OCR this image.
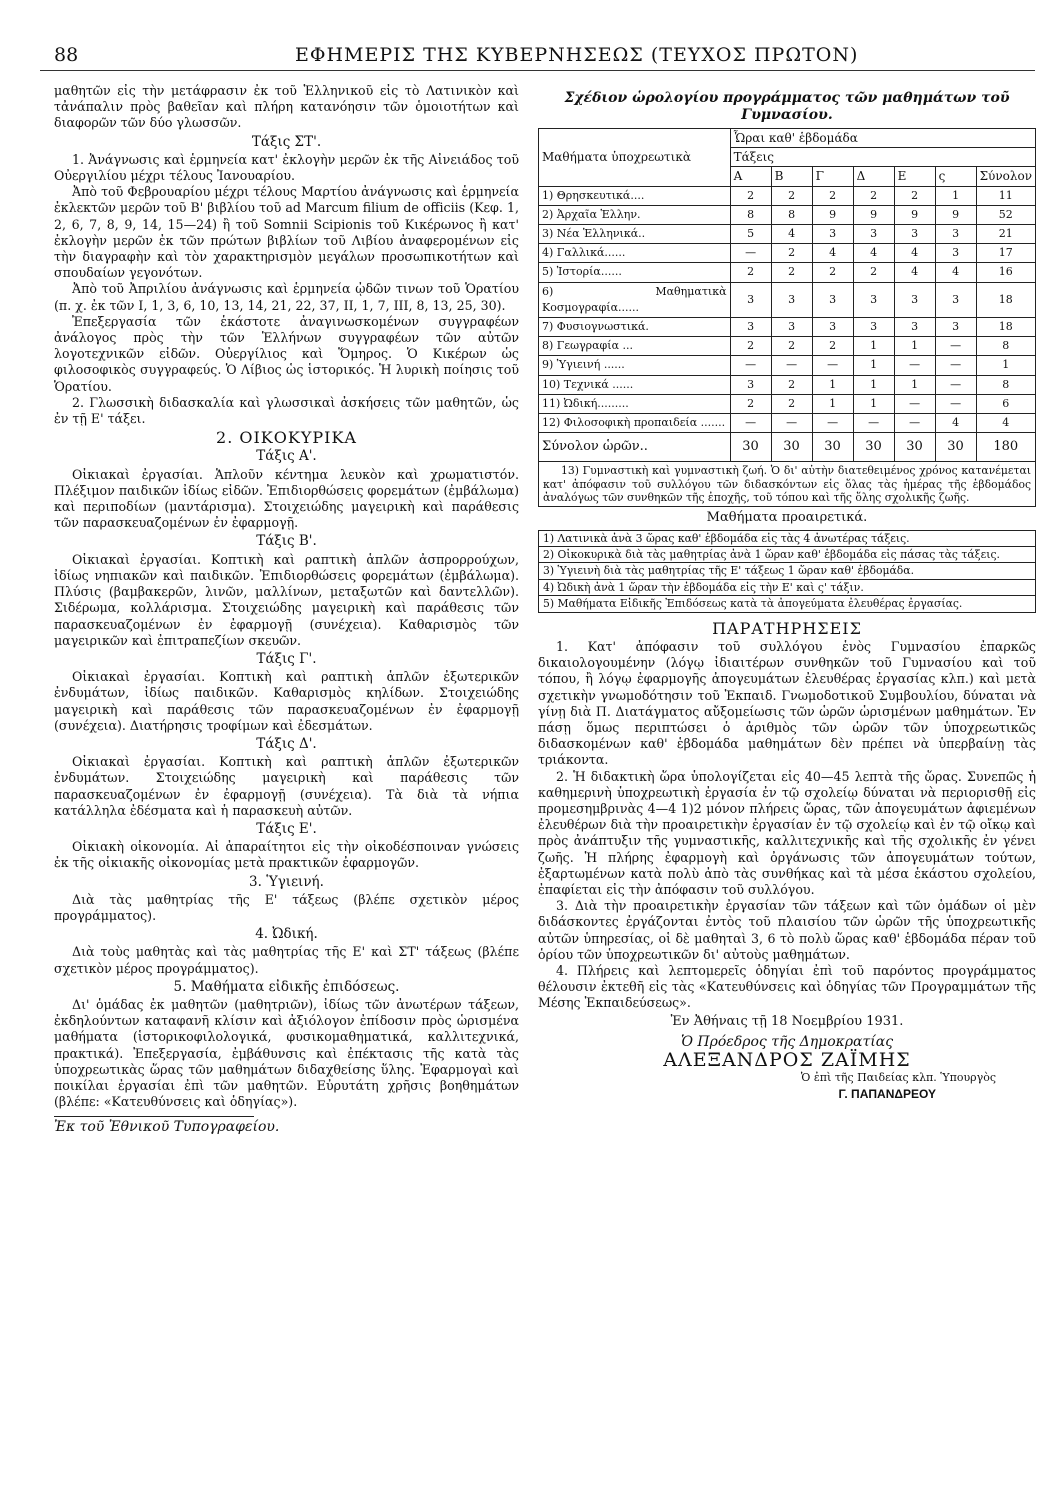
88	ΕΦΗΜΕΡΙΣ ΤΗΣ ΚΥΒΕΡΝΗΣΕΩΣ (ΤΕΥΧΟΣ ΠΡΩΤΟΝ)

μαθητῶν εἰς τὴν μετάφρασιν ἐκ τοῦ Ἑλληνικοῦ εἰς τὸ Λατινικὸν καὶ τἀνάπαλιν πρὸς βαθεῖαν καὶ πλήρη κατανόησιν τῶν ὁμοιοτήτων καὶ διαφορῶν τῶν δύο γλωσσῶν.

Τάξις ΣΤ'.

1. Ἀνάγνωσις καὶ ἑρμηνεία κατ' ἐκλογὴν μερῶν ἐκ τῆς Αἰνειάδος τοῦ Οὐεργιλίου μέχρι τέλους Ἰανουαρίου.

Ἀπὸ τοῦ Φεβρουαρίου μέχρι τέλους Μαρτίου ἀνάγνωσις καὶ ἑρμηνεία ἐκλεκτῶν μερῶν τοῦ Β' βιβλίου τοῦ ad Marcum filium de officiis (Κεφ. 1, 2, 6, 7, 8, 9, 14, 15—24) ἢ τοῦ Somnii Scipionis τοῦ Κικέρωνος ἢ κατ' ἐκλογὴν μερῶν ἐκ τῶν πρώτων βιβλίων τοῦ Λιβίου ἀναφερομένων εἰς τὴν διαγραφὴν καὶ τὸν χαρακτηρισμὸν μεγάλων προσωπικοτήτων καὶ σπουδαίων γεγονότων.

Ἀπὸ τοῦ Ἀπριλίου ἀνάγνωσις καὶ ἑρμηνεία ᾠδῶν τινων τοῦ Ὁρατίου (π. χ. ἐκ τῶν I, 1, 3, 6, 10, 13, 14, 21, 22, 37, II, 1, 7, III, 8, 13, 25, 30).

Ἐπεξεργασία τῶν ἑκάστοτε ἀναγινωσκομένων συγγραφέων ἀνάλογος πρὸς τὴν τῶν Ἑλλήνων συγγραφέων τῶν αὐτῶν λογοτεχνικῶν εἰδῶν. Οὐεργίλιος καὶ Ὅμηρος. Ὁ Κικέρων ὡς φιλοσοφικὸς συγγραφεύς. Ὁ Λίβιος ὡς ἱστορικός. Ἡ λυρικὴ ποίησις τοῦ Ὁρατίου.

2. Γλωσσικὴ διδασκαλία καὶ γλωσσικαὶ ἀσκήσεις τῶν μαθητῶν, ὡς ἐν τῇ Ε' τάξει.

2. ΟΙΚΟΚΥΡΙΚΑ
Τάξις Α'.

Οἰκιακαὶ ἐργασίαι. Ἁπλοῦν κέντημα λευκὸν καὶ χρωματιστόν. Πλέξιμον παιδικῶν ἰδίως εἰδῶν. Ἐπιδιορθώσεις φορεμάτων (ἐμβάλωμα) καὶ περιποδίων (μαντάρισμα). Στοιχειώδης μαγειρικὴ καὶ παράθεσις τῶν παρασκευαζομένων ἐν ἐφαρμογῇ.

Τάξις Β'.

Οἰκιακαὶ ἐργασίαι. Κοπτικὴ καὶ ραπτικὴ ἁπλῶν ἀσπρορρούχων, ἰδίως νηπιακῶν καὶ παιδικῶν. Ἐπιδιορθώσεις φορεμάτων (ἐμβάλωμα). Πλύσις (βαμβακερῶν, λινῶν, μαλλίνων, μεταξωτῶν καὶ δαντελλῶν). Σιδέρωμα, κολλάρισμα. Στοιχειώδης μαγειρικὴ καὶ παράθεσις τῶν παρασκευαζομένων ἐν ἐφαρμογῇ (συνέχεια). Καθαρισμὸς τῶν μαγειρικῶν καὶ ἐπιτραπεζίων σκευῶν.

Τάξις Γ'.

Οἰκιακαὶ ἐργασίαι. Κοπτικὴ καὶ ραπτικὴ ἁπλῶν ἐξωτερικῶν ἐνδυμάτων, ἰδίως παιδικῶν. Καθαρισμὸς κηλίδων. Στοιχειώδης μαγειρικὴ καὶ παράθεσις τῶν παρασκευαζομένων ἐν ἐφαρμογῇ (συνέχεια). Διατήρησις τροφίμων καὶ ἐδεσμάτων.

Τάξις Δ'.

Οἰκιακαὶ ἐργασίαι. Κοπτικὴ καὶ ραπτικὴ ἁπλῶν ἐξωτερικῶν ἐνδυμάτων. Στοιχειώδης μαγειρικὴ καὶ παράθεσις τῶν παρασκευαζομένων ἐν ἐφαρμογῇ (συνέχεια). Τὰ διὰ τὰ νήπια κατάλληλα ἐδέσματα καὶ ἡ παρασκευὴ αὐτῶν.

Τάξις Ε'.

Οἰκιακὴ οἰκονομία. Αἱ ἀπαραίτητοι εἰς τὴν οἰκοδέσποιναν γνώσεις ἐκ τῆς οἰκιακῆς οἰκονομίας μετὰ πρακτικῶν ἐφαρμογῶν.

3. Ὑγιεινή.

Διὰ τὰς μαθητρίας τῆς Ε' τάξεως (βλέπε σχετικὸν μέρος προγράμματος).

4. Ὠδική.

Διὰ τοὺς μαθητὰς καὶ τὰς μαθητρίας τῆς Ε' καὶ ΣΤ' τάξεως (βλέπε σχετικὸν μέρος προγράμματος).

5. Μαθήματα εἰδικῆς ἐπιδόσεως.

Δι' ὁμάδας ἐκ μαθητῶν (μαθητριῶν), ἰδίως τῶν ἀνωτέρων τάξεων, ἐκδηλούντων καταφανῆ κλίσιν καὶ ἀξιόλογον ἐπίδοσιν πρὸς ὡρισμένα μαθήματα (ἱστορικοφιλολογικά, φυσικομαθηματικά, καλλιτεχνικά, πρακτικά). Ἐπεξεργασία, ἐμβάθυνσις καὶ ἐπέκτασις τῆς κατὰ τὰς ὑποχρεωτικὰς ὥρας τῶν μαθημάτων διδαχθείσης ὕλης. Ἐφαρμογαὶ καὶ ποικίλαι ἐργασίαι ἐπὶ τῶν μαθητῶν. Εὐρυτάτη χρῆσις βοηθημάτων (βλέπε: «Κατευθύνσεις καὶ ὁδηγίας»).

Ἐκ τοῦ Ἐθνικοῦ Τυπογραφείου.
Σχέδιον ὡρολογίου προγράμματος τῶν μαθημάτων τοῦ Γυμνασίου.
Μαθήματα ὑποχρεωτικὰ	Ὧραι καθ' ἑβδομάδα						
	Τάξεις						
	Α	Β	Γ	Δ	Ε	ς	Σύνολον
1) Θρησκευτικά....	2	2	2	2	2	1	11
2) Ἀρχαῖα Ἑλλην.	8	8	9	9	9	9	52
3) Νέα Ἑλληνικά..	5	4	3	3	3	3	21
4) Γαλλικά......	—	2	4	4	4	3	17
5) Ἱστορία......	2	2	2	2	4	4	16
6) Μαθηματικὰ Κοσμογραφία......	3	3	3	3	3	3	18
7) Φυσιογνωστικά.	3	3	3	3	3	3	18
8) Γεωγραφία ...	2	2	2	1	1	—	8
9) Ὑγιεινή ......	—	—	—	1	—	—	1
10) Τεχνικά ......	3	2	1	1	1	—	8
11) Ὠδική.........	2	2	1	1	—	—	6
12) Φιλοσοφικὴ προπαιδεία .......	—	—	—	—	—	4	4
Σύνολον ὡρῶν..	30	30	30	30	30	30	180

13) Γυμναστικὴ καὶ γυμναστικὴ ζωή. Ὁ δι' αὐτὴν διατεθειμένος χρόνος κατανέμεται κατ' ἀπόφασιν τοῦ συλλόγου τῶν διδασκόντων εἰς ὅλας τὰς ἡμέρας τῆς ἑβδομάδος ἀναλόγως τῶν συνθηκῶν τῆς ἐποχῆς, τοῦ τόπου καὶ τῆς ὅλης σχολικῆς ζωῆς.

Μαθήματα προαιρετικά.
1) Λατινικὰ ἀνὰ 3 ὥρας καθ' ἑβδομάδα εἰς τὰς 4 ἀνωτέρας τάξεις.
2) Οἰκοκυρικὰ διὰ τὰς μαθητρίας ἀνὰ 1 ὥραν καθ' ἑβδομάδα εἰς πάσας τὰς τάξεις.
3) Ὑγιεινὴ διὰ τὰς μαθητρίας τῆς Ε' τάξεως 1 ὥραν καθ' ἑβδομάδα.
4) Ὠδικὴ ἀνὰ 1 ὥραν τὴν ἑβδομάδα εἰς τὴν Ε' καὶ ς' τάξιν.
5) Μαθήματα Εἰδικῆς Ἐπιδόσεως κατὰ τὰ ἀπογεύματα ἐλευθέρας ἐργασίας.
ΠΑΡΑΤΗΡΗΣΕΙΣ

1. Κατ' ἀπόφασιν τοῦ συλλόγου ἑνὸς Γυμνασίου ἐπαρκῶς δικαιολογουμένην (λόγῳ ἰδιαιτέρων συνθηκῶν τοῦ Γυμνασίου καὶ τοῦ τόπου, ἢ λόγῳ ἐφαρμογῆς ἀπογευμάτων ἐλευθέρας ἐργασίας κλπ.) καὶ μετὰ σχετικὴν γνωμοδότησιν τοῦ Ἐκπαιδ. Γνωμοδοτικοῦ Συμβουλίου, δύναται νὰ γίνῃ διὰ Π. Διατάγματος αὔξομείωσις τῶν ὡρῶν ὡρισμένων μαθημάτων. Ἐν πάσῃ ὅμως περιπτώσει ὁ ἀριθμὸς τῶν ὡρῶν τῶν ὑποχρεωτικῶς διδασκομένων καθ' ἑβδομάδα μαθημάτων δὲν πρέπει νὰ ὑπερβαίνῃ τὰς τριάκοντα.

2. Ἡ διδακτικὴ ὥρα ὑπολογίζεται εἰς 40—45 λεπτὰ τῆς ὥρας. Συνεπῶς ἡ καθημερινὴ ὑποχρεωτικὴ ἐργασία ἐν τῷ σχολείῳ δύναται νὰ περιορισθῇ εἰς προμεσημβρινὰς 4—4 1)2 μόνον πλήρεις ὥρας, τῶν ἀπογευμάτων ἀφιεμένων ἐλευθέρων διὰ τὴν προαιρετικὴν ἐργασίαν ἐν τῷ σχολείῳ καὶ ἐν τῷ οἴκῳ καὶ πρὸς ἀνάπτυξιν τῆς γυμναστικῆς, καλλιτεχνικῆς καὶ τῆς σχολικῆς ἐν γένει ζωῆς. Ἡ πλήρης ἐφαρμογὴ καὶ ὀργάνωσις τῶν ἀπογευμάτων τούτων, ἐξαρτωμένων κατὰ πολὺ ἀπὸ τὰς συνθήκας καὶ τὰ μέσα ἑκάστου σχολείου, ἐπαφίεται εἰς τὴν ἀπόφασιν τοῦ συλλόγου.

3. Διὰ τὴν προαιρετικὴν ἐργασίαν τῶν τάξεων καὶ τῶν ὁμάδων οἱ μὲν διδάσκοντες ἐργάζονται ἐντὸς τοῦ πλαισίου τῶν ὡρῶν τῆς ὑποχρεωτικῆς αὐτῶν ὑπηρεσίας, οἱ δὲ μαθηταὶ 3, 6 τὸ πολὺ ὥρας καθ' ἑβδομάδα πέραν τοῦ ὁρίου τῶν ὑποχρεωτικῶν δι' αὐτοὺς μαθημάτων.

4. Πλήρεις καὶ λεπτομερεῖς ὁδηγίαι ἐπὶ τοῦ παρόντος προγράμματος θέλουσιν ἐκτεθῆ εἰς τὰς «Κατευθύνσεις καὶ ὁδηγίας τῶν Προγραμμάτων τῆς Μέσης Ἐκπαιδεύσεως».

Ἐν Ἀθήναις τῇ 18 Νοεμβρίου 1931.
Ὁ Πρόεδρος τῆς Δημοκρατίας
ΑΛΕΞΑΝΔΡΟΣ ΖΑΪΜΗΣ
Ὁ ἐπὶ τῆς Παιδείας κλπ. Ὑπουργὸς
Γ. ΠΑΠΑΝΔΡΕΟΥ
